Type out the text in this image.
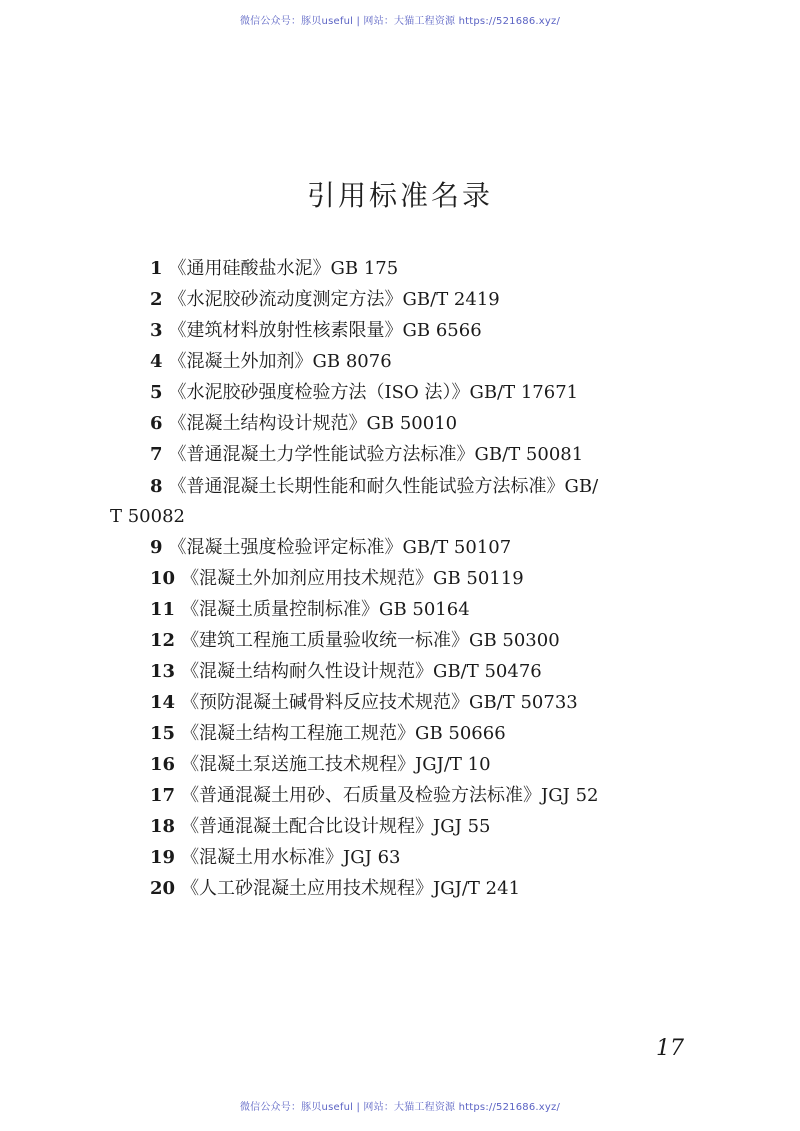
微信公众号：豚贝useful | 网站：大猫工程资源 https://521686.xyz/
引用标准名录
1 《通用硅酸盐水泥》GB 175
2 《水泥胶砂流动度测定方法》GB/T 2419
3 《建筑材料放射性核素限量》GB 6566
4 《混凝土外加剂》GB 8076
5 《水泥胶砂强度检验方法（ISO 法）》GB/T 17671
6 《混凝土结构设计规范》GB 50010
7 《普通混凝土力学性能试验方法标准》GB/T 50081
8 《普通混凝土长期性能和耐久性能试验方法标准》GB/
T 50082
9 《混凝土强度检验评定标准》GB/T 50107
10 《混凝土外加剂应用技术规范》GB 50119
11 《混凝土质量控制标准》GB 50164
12 《建筑工程施工质量验收统一标准》GB 50300
13 《混凝土结构耐久性设计规范》GB/T 50476
14 《预防混凝土碱骨料反应技术规范》GB/T 50733
15 《混凝土结构工程施工规范》GB 50666
16 《混凝土泵送施工技术规程》JGJ/T 10
17 《普通混凝土用砂、石质量及检验方法标准》JGJ 52
18 《普通混凝土配合比设计规程》JGJ 55
19 《混凝土用水标准》JGJ 63
20 《人工砂混凝土应用技术规程》JGJ/T 241
17
微信公众号：豚贝useful | 网站：大猫工程资源 https://521686.xyz/
